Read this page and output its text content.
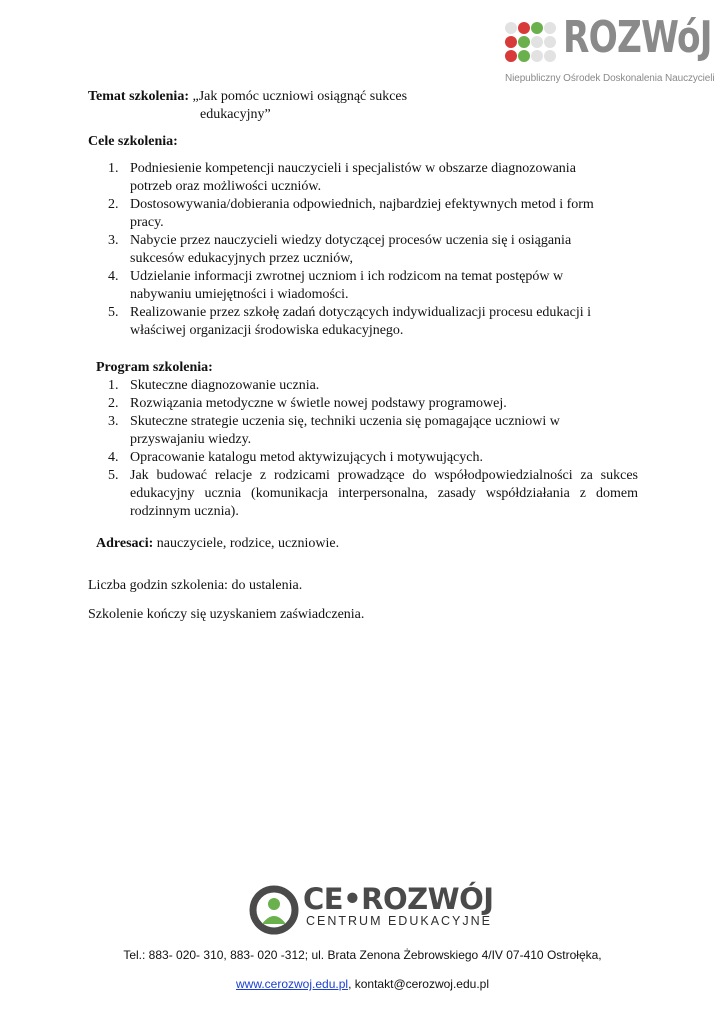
ROZWóJ
Niepubliczny Ośrodek Doskonalenia Nauczycieli
Temat szkolenia: „Jak pomóc uczniowi osiągnąć sukces
edukacyjny”
Cele szkolenia:
1. Podniesienie kompetencji nauczycieli i specjalistów w obszarze diagnozowania potrzeb oraz możliwości uczniów.
2. Dostosowywania/dobierania odpowiednich, najbardziej efektywnych metod i form pracy.
3. Nabycie przez nauczycieli wiedzy dotyczącej procesów uczenia się i osiągania sukcesów edukacyjnych przez uczniów,
4. Udzielanie informacji zwrotnej uczniom i ich rodzicom na temat postępów w nabywaniu umiejętności i wiadomości.
5. Realizowanie przez szkołę zadań dotyczących indywidualizacji procesu edukacji i właściwej organizacji środowiska edukacyjnego.
Program szkolenia:
1. Skuteczne diagnozowanie ucznia.
2. Rozwiązania metodyczne w świetle nowej podstawy programowej.
3. Skuteczne strategie uczenia się, techniki uczenia się pomagające uczniowi w przyswajaniu wiedzy.
4. Opracowanie katalogu metod aktywizujących i motywujących.
5. Jak budować relacje z rodzicami prowadzące do współodpowiedzialności za sukces edukacyjny ucznia (komunikacja interpersonalna, zasady współdziałania z domem rodzinnym ucznia).
Adresaci: nauczyciele, rodzice, uczniowie.
Liczba godzin szkolenia: do ustalenia.
Szkolenie kończy się uzyskaniem zaświadczenia.
CE•ROZWÓJ
CENTRUM EDUKACYJNE
Tel.: 883- 020- 310, 883- 020 -312; ul. Brata Zenona Żebrowskiego 4/IV 07-410 Ostrołęka,
www.cerozwoj.edu.pl, kontakt@cerozwoj.edu.pl
